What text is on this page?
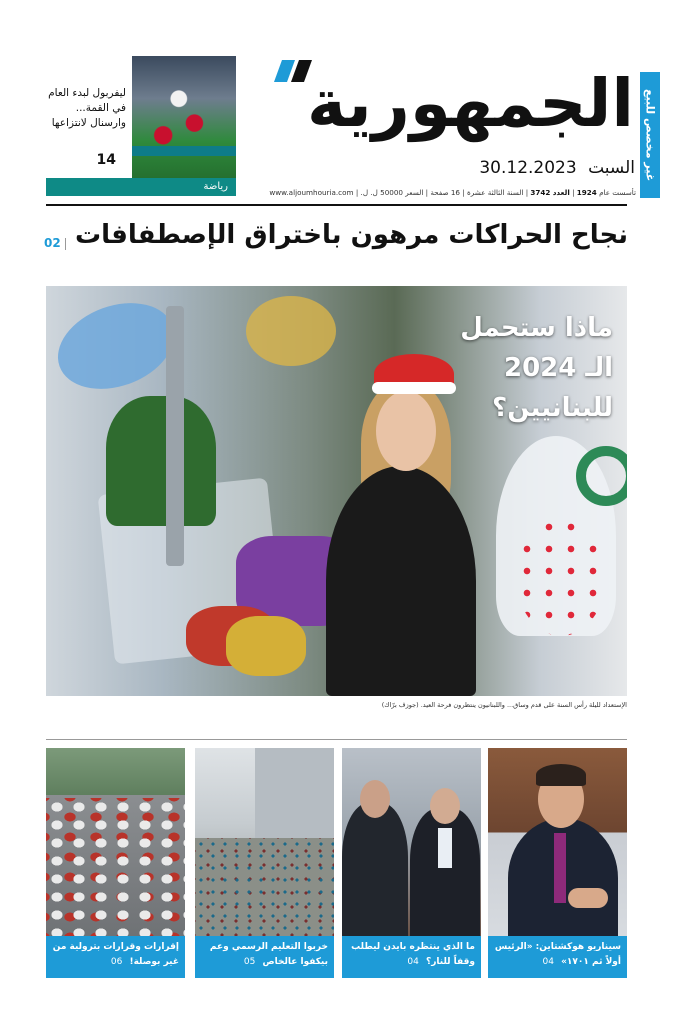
غير مخصص للبيع
الجمهورية
السبت 30.12.2023
تأسست عام 1924 | العدد 3742 | السنة الثالثة عشرة | 16 صفحة | السعر 50000 ل. ل. | www.aljoumhouria.com
ليفربول لبدء العام في القمة... وارسنال لانتزاعها
14
رياضة
نجاح الحراكات مرهون باختراق الإصطفافات
02
ماذا ستحمل الـ 2024 للبنانيين؟
الإستعداد لليلة رأس السنة على قدم وساق... واللبنانيون ينتظرون فرحة العيد. (جوزف برّاك)
سيناريو هوكشتاين: «الرئيس أولاً ثم ١٧٠١» 04
ما الذي ينتظره بايدن ليطلب وقفاً للنار؟ 04
خربوا التعليم الرسمي وعم بيكفوا عالخاص 05
إقرارات وقرارات بترولية من غير بوصلة! 06
